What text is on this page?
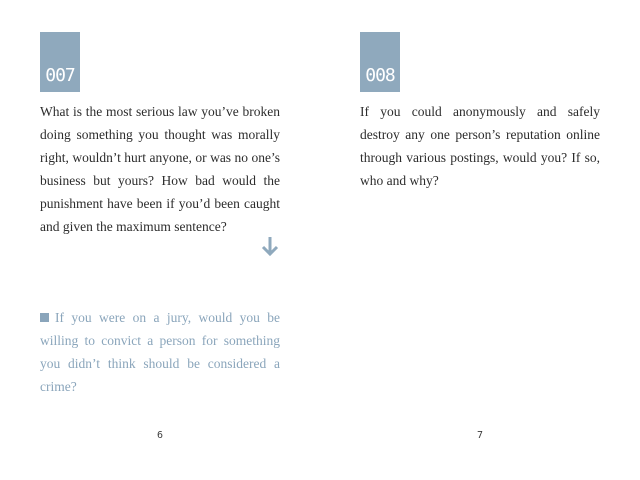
007

What is the most serious law you’ve broken doing something you thought was morally right, wouldn’t hurt anyone, or was no one’s business but yours? How bad would the punishment have been if you’d been caught and given the maximum sentence?

If you were on a jury, would you be willing to convict a person for something you didn’t think should be considered a crime?

6
008

If you could anonymously and safely destroy any one person’s reputation online through various postings, would you? If so, who and why?

7
